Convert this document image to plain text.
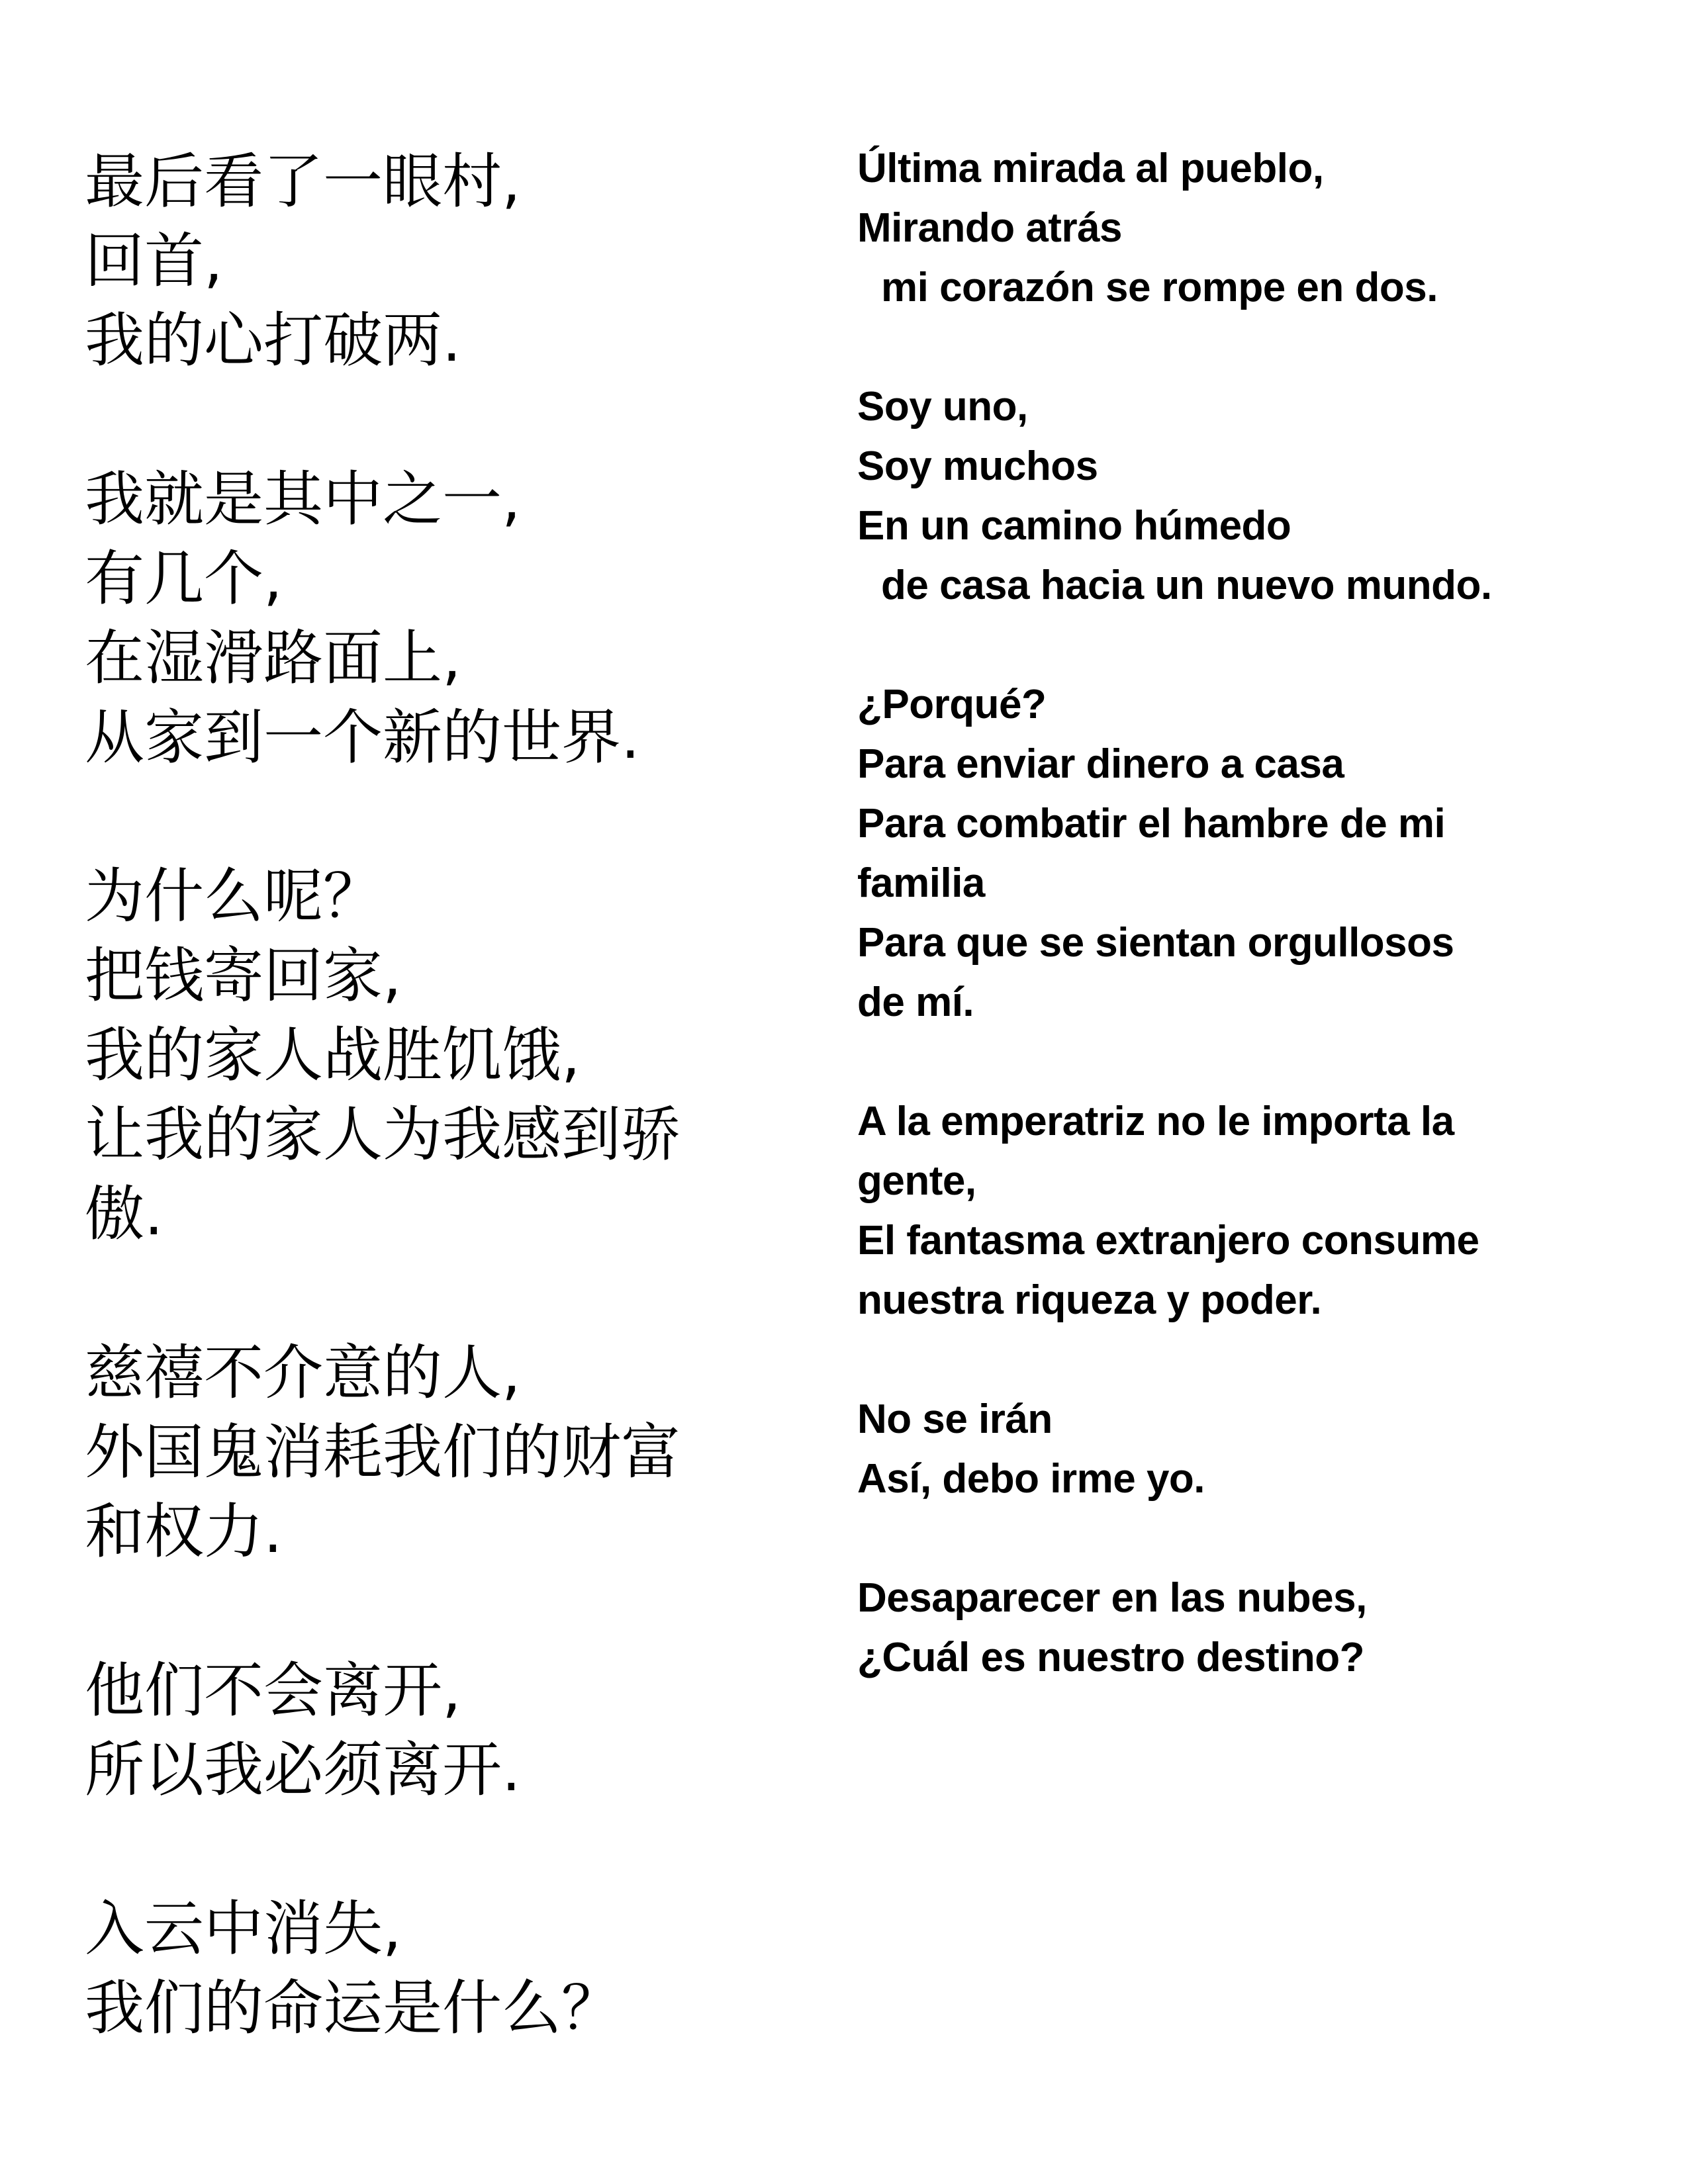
最后看了一眼村,
回首,
我的心打破两.
我就是其中之一,
有几个,
在湿滑路面上,
从家到一个新的世界.
为什么呢？
把钱寄回家,
我的家人战胜饥饿,
让我的家人为我感到骄
傲.
慈禧不介意的人,
外国鬼消耗我们的财富
和权力.
他们不会离开,
所以我必须离开.
入云中消失,
我们的命运是什么？
Última mirada al pueblo,
Mirando atrás
mi corazón se rompe en dos.
Soy uno,
Soy muchos
En un camino húmedo
de casa hacia un nuevo mundo.
¿Porqué?
Para enviar dinero a casa
Para combatir el hambre de mi
familia
Para que se sientan orgullosos
de mí.
A la emperatriz no le importa la
gente,
El fantasma extranjero consume
nuestra riqueza y poder.
No se irán
Así, debo irme yo.
Desaparecer en las nubes,
¿Cuál es nuestro destino?
